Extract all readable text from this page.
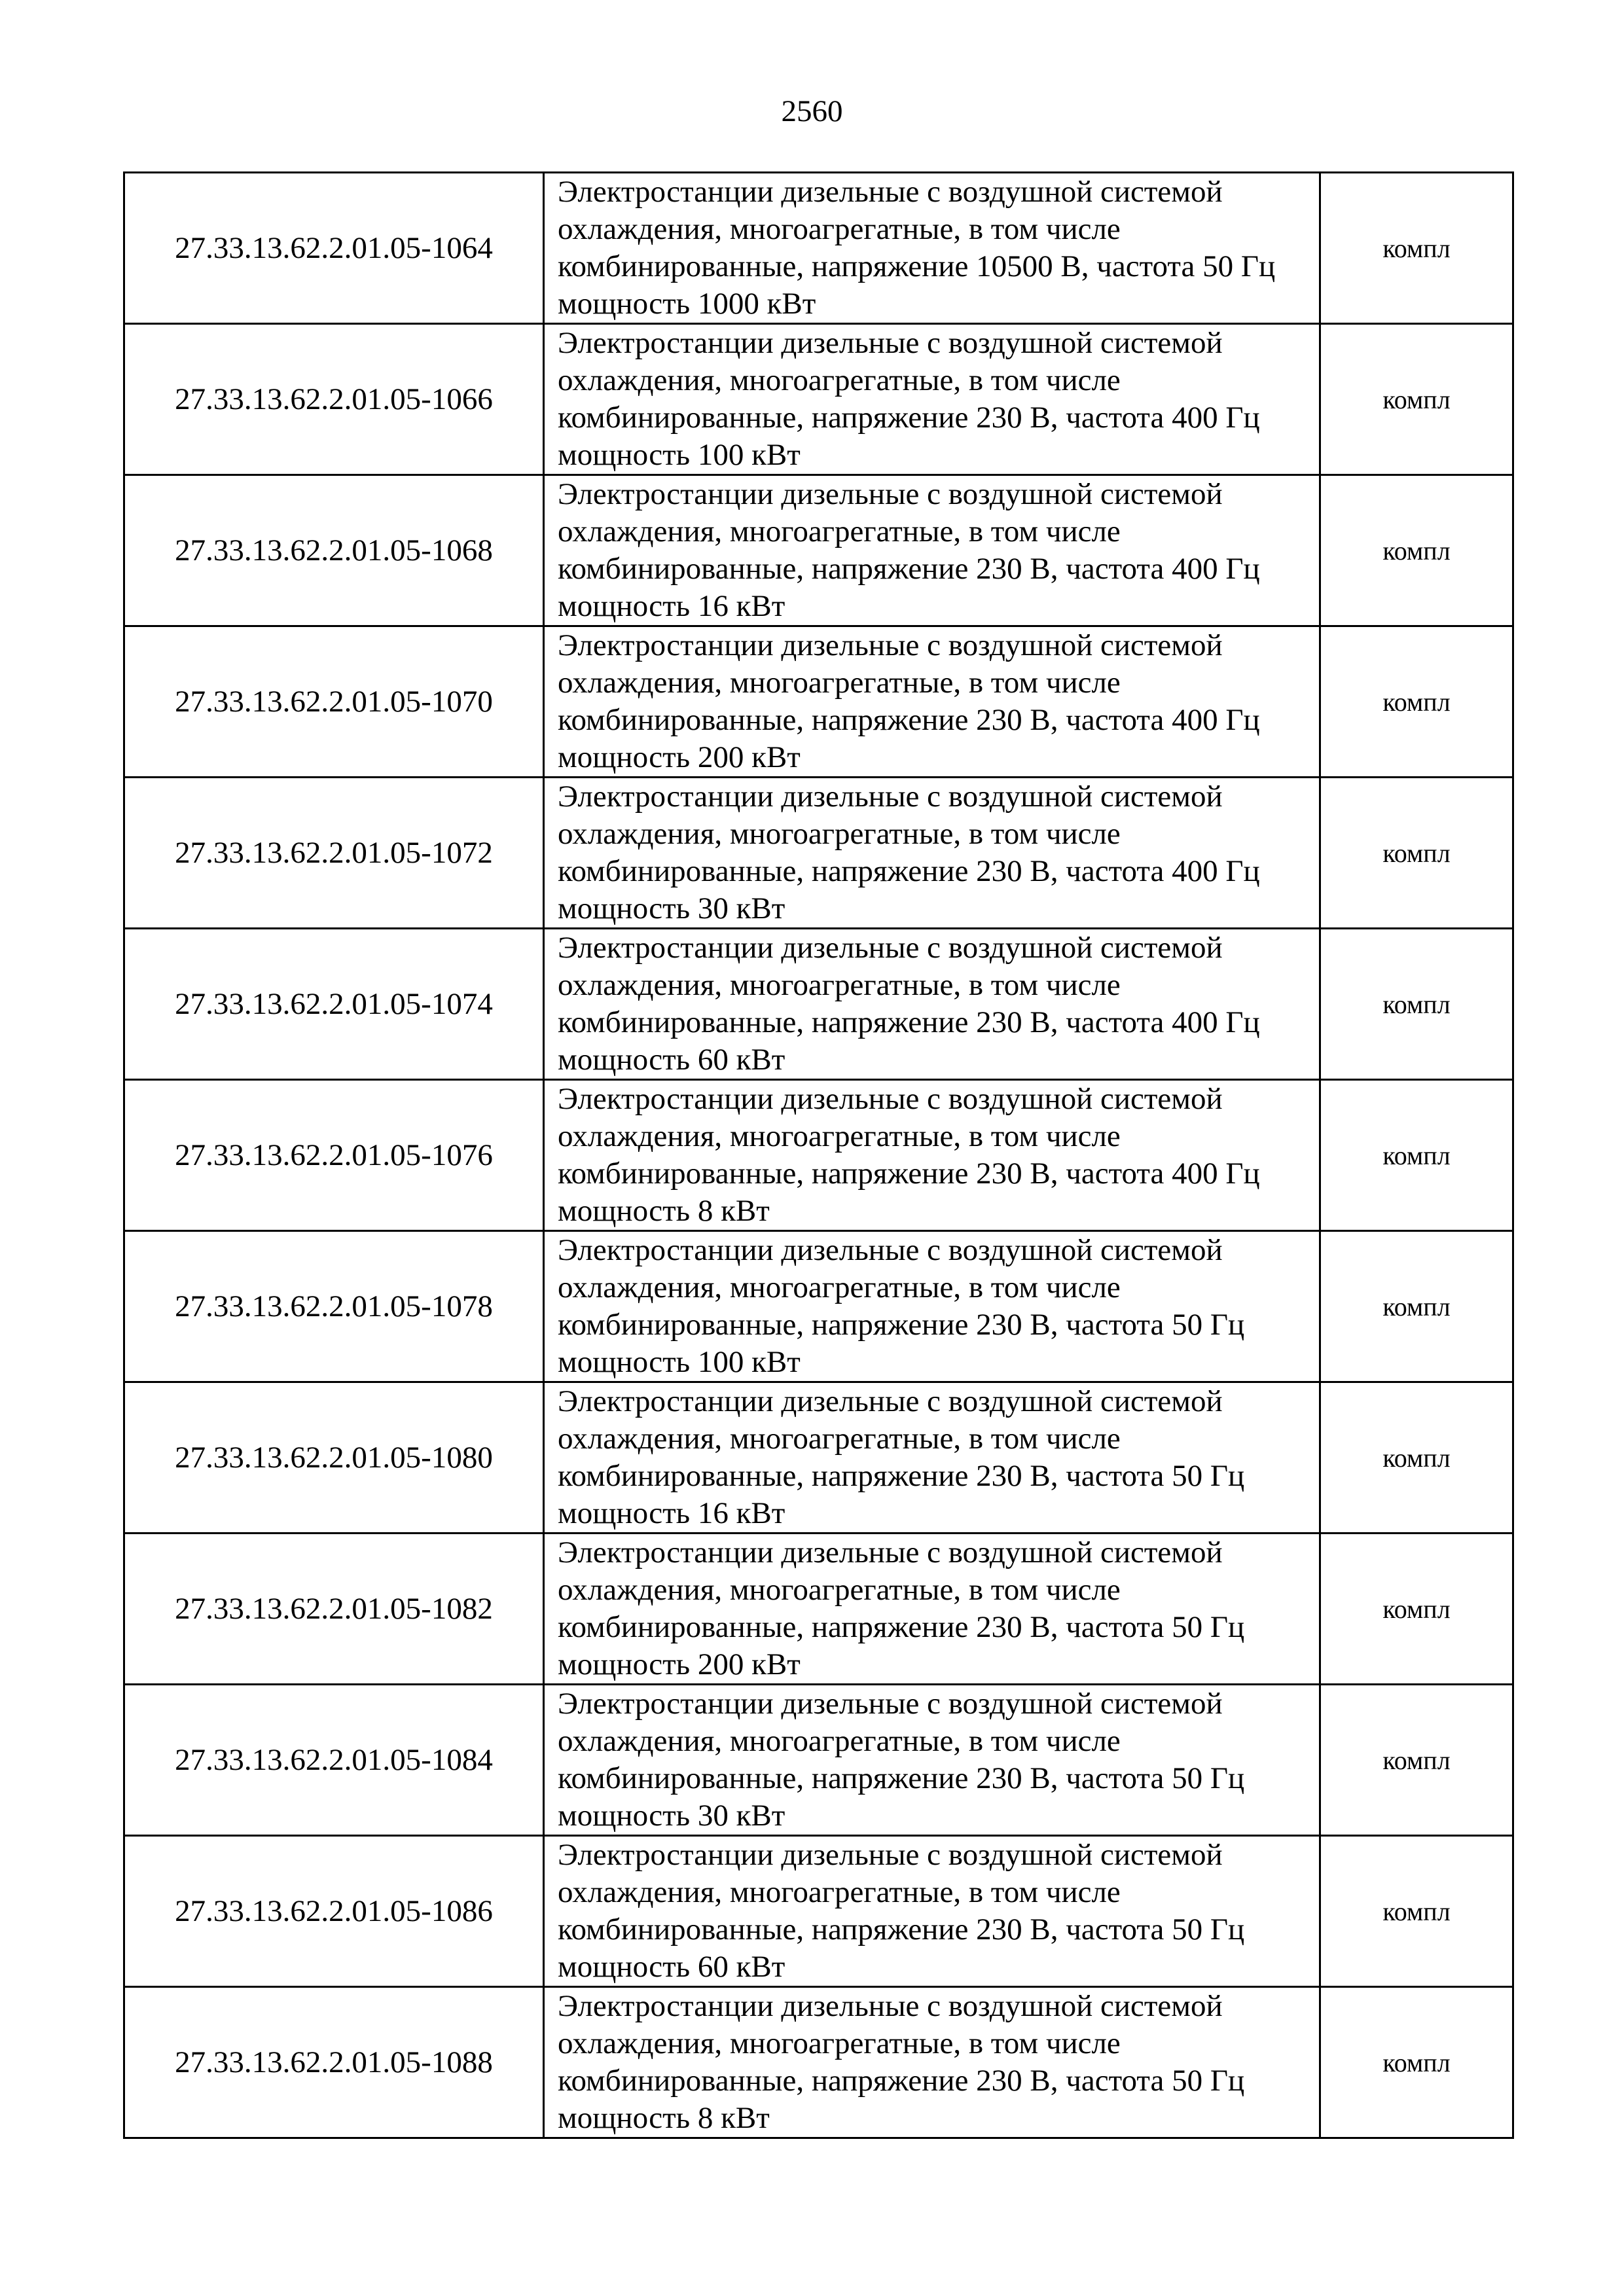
2560
27.33.13.62.2.01.05-1064	Электростанции дизельные с воздушной системой охлаждения, многоагрегатные, в том числе комбинированные, напряжение 10500 В, частота 50 Гц мощность 1000 кВт	компл
27.33.13.62.2.01.05-1066	Электростанции дизельные с воздушной системой охлаждения, многоагрегатные, в том числе комбинированные, напряжение 230 В, частота 400 Гц мощность 100 кВт	компл
27.33.13.62.2.01.05-1068	Электростанции дизельные с воздушной системой охлаждения, многоагрегатные, в том числе комбинированные, напряжение 230 В, частота 400 Гц мощность 16 кВт	компл
27.33.13.62.2.01.05-1070	Электростанции дизельные с воздушной системой охлаждения, многоагрегатные, в том числе комбинированные, напряжение 230 В, частота 400 Гц мощность 200 кВт	компл
27.33.13.62.2.01.05-1072	Электростанции дизельные с воздушной системой охлаждения, многоагрегатные, в том числе комбинированные, напряжение 230 В, частота 400 Гц мощность 30 кВт	компл
27.33.13.62.2.01.05-1074	Электростанции дизельные с воздушной системой охлаждения, многоагрегатные, в том числе комбинированные, напряжение 230 В, частота 400 Гц мощность 60 кВт	компл
27.33.13.62.2.01.05-1076	Электростанции дизельные с воздушной системой охлаждения, многоагрегатные, в том числе комбинированные, напряжение 230 В, частота 400 Гц мощность 8 кВт	компл
27.33.13.62.2.01.05-1078	Электростанции дизельные с воздушной системой охлаждения, многоагрегатные, в том числе комбинированные, напряжение 230 В, частота 50 Гц мощность 100 кВт	компл
27.33.13.62.2.01.05-1080	Электростанции дизельные с воздушной системой охлаждения, многоагрегатные, в том числе комбинированные, напряжение 230 В, частота 50 Гц мощность 16 кВт	компл
27.33.13.62.2.01.05-1082	Электростанции дизельные с воздушной системой охлаждения, многоагрегатные, в том числе комбинированные, напряжение 230 В, частота 50 Гц мощность 200 кВт	компл
27.33.13.62.2.01.05-1084	Электростанции дизельные с воздушной системой охлаждения, многоагрегатные, в том числе комбинированные, напряжение 230 В, частота 50 Гц мощность 30 кВт	компл
27.33.13.62.2.01.05-1086	Электростанции дизельные с воздушной системой охлаждения, многоагрегатные, в том числе комбинированные, напряжение 230 В, частота 50 Гц мощность 60 кВт	компл
27.33.13.62.2.01.05-1088	Электростанции дизельные с воздушной системой охлаждения, многоагрегатные, в том числе комбинированные, напряжение 230 В, частота 50 Гц мощность 8 кВт	компл
